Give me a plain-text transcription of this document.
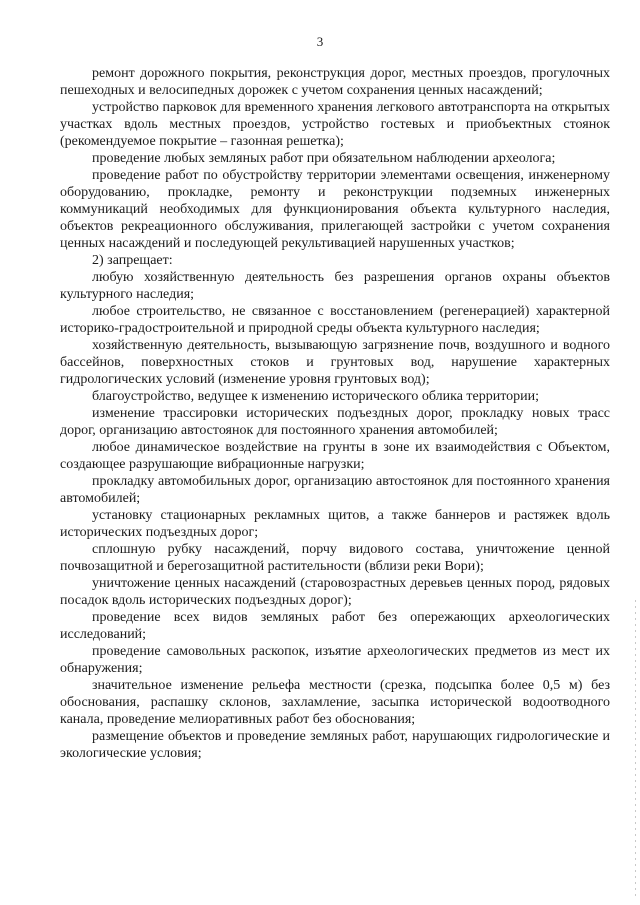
3

ремонт дорожного покрытия, реконструкция дорог, местных проездов, прогулочных пешеходных и велосипедных дорожек с учетом сохранения ценных насаждений;

устройство парковок для временного хранения легкового автотранспорта на открытых участках вдоль местных проездов, устройство гостевых и приобъектных стоянок (рекомендуемое покрытие – газонная решетка);

проведение любых земляных работ при обязательном наблюдении археолога;

проведение работ по обустройству территории элементами освещения, инженерному оборудованию, прокладке, ремонту и реконструкции подземных инженерных коммуникаций необходимых для функционирования объекта культурного наследия, объектов рекреационного обслуживания, прилегающей застройки с учетом сохранения ценных насаждений и последующей рекультивацией нарушенных участков;

2) запрещает:

любую хозяйственную деятельность без разрешения органов охраны объектов культурного наследия;

любое строительство, не связанное с восстановлением (регенерацией) характерной историко-градостроительной и природной среды объекта культурного наследия;

хозяйственную деятельность, вызывающую загрязнение почв, воздушного и водного бассейнов, поверхностных стоков и грунтовых вод, нарушение характерных гидрологических условий (изменение уровня грунтовых вод);

благоустройство, ведущее к изменению исторического облика территории;

изменение трассировки исторических подъездных дорог, прокладку новых трасс дорог, организацию автостоянок для постоянного хранения автомобилей;

любое динамическое воздействие на грунты в зоне их взаимодействия с Объектом, создающее разрушающие вибрационные нагрузки;

прокладку автомобильных дорог, организацию автостоянок для постоянного хранения автомобилей;

установку стационарных рекламных щитов, а также баннеров и растяжек вдоль исторических подъездных дорог;

сплошную рубку насаждений, порчу видового состава, уничтожение ценной почвозащитной и берегозащитной растительности (вблизи реки Вори);

уничтожение ценных насаждений (старовозрастных деревьев ценных пород, рядовых посадок вдоль исторических подъездных дорог);

проведение всех видов земляных работ без опережающих археологических исследований;

проведение самовольных раскопок, изъятие археологических предметов из мест их обнаружения;

значительное изменение рельефа местности (срезка, подсыпка более 0,5 м) без обоснования, распашку склонов, захламление, засыпка исторической водоотводного канала, проведение мелиоративных работ без обоснования;

размещение объектов и проведение земляных работ, нарушающих гидрологические и экологические условия;
